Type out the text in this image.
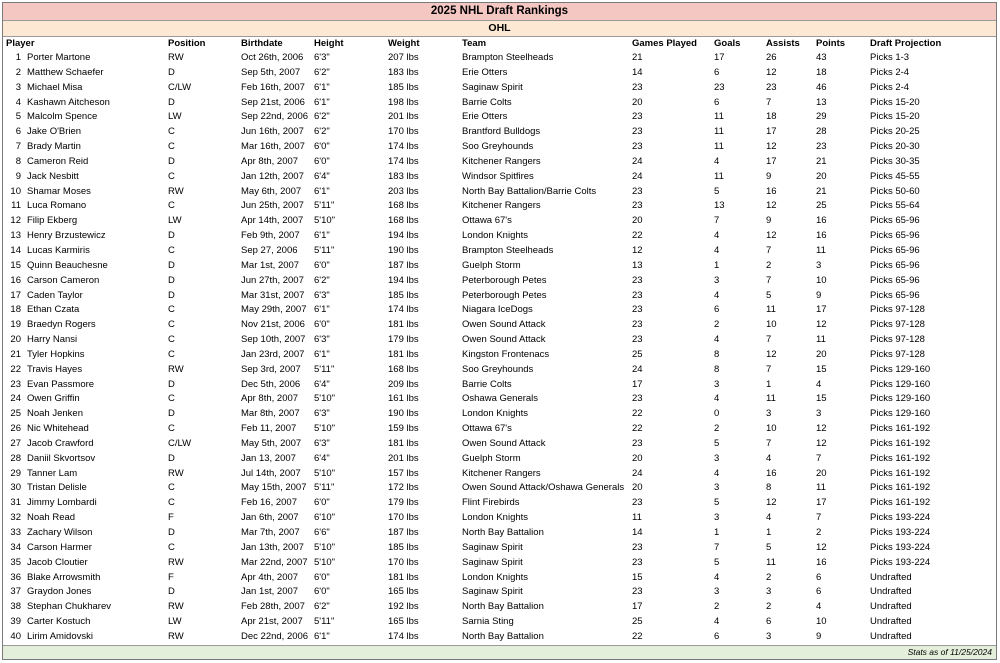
2025 NHL Draft Rankings
OHL
Player	Position	Birthdate	Height	Weight	Team	Games Played	Goals	Assists	Points	Draft Projection
1 Porter Martone	RW	Oct 26th, 2006	6'3"	207 lbs	Brampton Steelheads	21	17	26	43	Picks 1-3
2 Matthew Schaefer	D	Sep 5th, 2007	6'2"	183 lbs	Erie Otters	14	6	12	18	Picks 2-4
3 Michael Misa	C/LW	Feb 16th, 2007 6'1"	185 lbs	Saginaw Spirit	23	23	23	46	Picks 2-4
4 Kashawn Aitcheson	D	Sep 21st, 2006 6'1"	198 lbs	Barrie Colts	20	6	7	13	Picks 15-20
5 Malcolm Spence	LW	Sep 22nd, 2006 6'2"	201 lbs	Erie Otters	23	11	18	29	Picks 15-20
6 Jake O'Brien	C	Jun 16th, 2007	6'2"	170 lbs	Brantford Bulldogs	23	11	17	28	Picks 20-25
7 Brady Martin	C	Mar 16th, 2007 6'0"	174 lbs	Soo Greyhounds	23	11	12	23	Picks 20-30
8 Cameron Reid	D	Apr 8th, 2007	6'0"	174 lbs	Kitchener Rangers	24	4	17	21	Picks 30-35
9 Jack Nesbitt	C	Jan 12th, 2007	6'4"	183 lbs	Windsor Spitfires	24	11	9	20	Picks 45-55
10 Shamar Moses	RW	May 6th, 2007	6'1"	203 lbs	North Bay Battalion/Barrie Colts	23	5	16	21	Picks 50-60
11 Luca Romano	C	Jun 25th, 2007	5'11"	168 lbs	Kitchener Rangers	23	13	12	25	Picks 55-64
12 Filip Ekberg	LW	Apr 14th, 2007	5'10"	168 lbs	Ottawa 67's	20	7	9	16	Picks 65-96
13 Henry Brzustewicz	D	Feb 9th, 2007	6'1"	194 lbs	London Knights	22	4	12	16	Picks 65-96
14 Lucas Karmiris	C	Sep 27, 2006	5'11"	190 lbs	Brampton Steelheads	12	4	7	11	Picks 65-96
15 Quinn Beauchesne	D	Mar 1st, 2007	6'0"	187 lbs	Guelph Storm	13	1	2	3	Picks 65-96
16 Carson Cameron	D	Jun 27th, 2007	6'2"	194 lbs	Peterborough Petes	23	3	7	10	Picks 65-96
17 Caden Taylor	D	Mar 31st, 2007	6'3"	185 lbs	Peterborough Petes	23	4	5	9	Picks 65-96
18 Ethan Czata	C	May 29th, 2007 6'1"	174 lbs	Niagara IceDogs	23	6	11	17	Picks 97-128
19 Braedyn Rogers	C	Nov 21st, 2006 6'0"	181 lbs	Owen Sound Attack	23	2	10	12	Picks 97-128
20 Harry Nansi	C	Sep 10th, 2007 6'3"	179 lbs	Owen Sound Attack	23	4	7	11	Picks 97-128
21 Tyler Hopkins	C	Jan 23rd, 2007	6'1"	181 lbs	Kingston Frontenacs	25	8	12	20	Picks 97-128
22 Travis Hayes	RW	Sep 3rd, 2007	5'11"	168 lbs	Soo Greyhounds	24	8	7	15	Picks 129-160
23 Evan Passmore	D	Dec 5th, 2006	6'4"	209 lbs	Barrie Colts	17	3	1	4	Picks 129-160
24 Owen Griffin	C	Apr 8th, 2007	5'10"	161 lbs	Oshawa Generals	23	4	11	15	Picks 129-160
25 Noah Jenken	D	Mar 8th, 2007	6'3"	190 lbs	London Knights	22	0	3	3	Picks 129-160
26 Nic Whitehead	C	Feb 11, 2007	5'10"	159 lbs	Ottawa 67's	22	2	10	12	Picks 161-192
27 Jacob Crawford	C/LW	May 5th, 2007	6'3"	181 lbs	Owen Sound Attack	23	5	7	12	Picks 161-192
28 Daniil Skvortsov	D	Jan 13, 2007	6'4"	201 lbs	Guelph Storm	20	3	4	7	Picks 161-192
29 Tanner Lam	RW	Jul 14th, 2007	5'10"	157 lbs	Kitchener Rangers	24	4	16	20	Picks 161-192
30 Tristan Delisle	C	May 15th, 2007 5'11"	172 lbs	Owen Sound Attack/Oshawa Generals 20	3	8	11	Picks 161-192
31 Jimmy Lombardi	C	Feb 16, 2007	6'0"	179 lbs	Flint Firebirds	23	5	12	17	Picks 161-192
32 Noah Read	F	Jan 6th, 2007	6'10"	170 lbs	London Knights	11	3	4	7	Picks 193-224
33 Zachary Wilson	D	Mar 7th, 2007	6'6"	187 lbs	North Bay Battalion	14	1	1	2	Picks 193-224
34 Carson Harmer	C	Jan 13th, 2007	5'10"	185 lbs	Saginaw Spirit	23	7	5	12	Picks 193-224
35 Jacob Cloutier	RW	Mar 22nd, 2007 5'10"	170 lbs	Saginaw Spirit	23	5	11	16	Picks 193-224
36 Blake Arrowsmith	F	Apr 4th, 2007	6'0"	181 lbs	London Knights	15	4	2	6	Undrafted
37 Graydon Jones	D	Jan 1st, 2007	6'0"	165 lbs	Saginaw Spirit	23	3	3	6	Undrafted
38 Stephan Chukharev	RW	Feb 28th, 2007 6'2"	192 lbs	North Bay Battalion	17	2	2	4	Undrafted
39 Carter Kostuch	LW	Apr 21st, 2007	5'11"	165 lbs	Sarnia Sting	25	4	6	10	Undrafted
40 Lirim Amidovski	RW	Dec 22nd, 2006 6'1"	174 lbs	North Bay Battalion	22	6	3	9	Undrafted
Stats as of 11/25/2024
